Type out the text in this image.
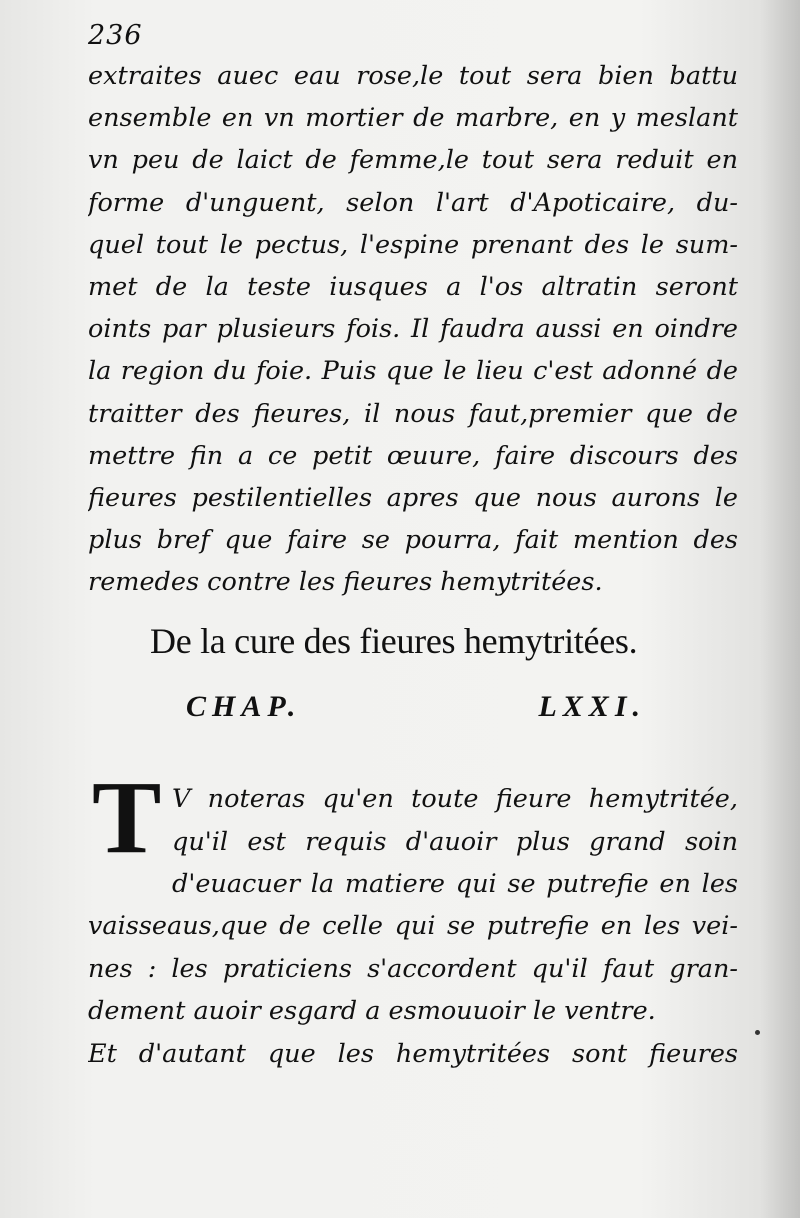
236
extraites auec eau rose,le tout sera bien battu
ensemble en vn mortier de marbre, en y meslant
vn peu de laict de femme,le tout sera reduit en
forme d'unguent, selon l'art d'Apoticaire, du-
quel tout le pectus, l'espine prenant des le sum-
met de la teste iusques a l'os altratin seront
oints par plusieurs fois. Il faudra aussi en oindre
la region du foie. Puis que le lieu c'est adonné de
traitter des fieures, il nous faut,premier que de
mettre fin a ce petit œuure, faire discours des
fieures pestilentielles apres que nous aurons le
plus bref que faire se pourra, fait mention des
remedes contre les fieures hemytritées.
De la cure des fieures hemytritées.
CHAP.	LXXI.
T V noteras qu'en toute fieure hemytritée,
qu'il est requis d'auoir plus grand soin
d'euacuer la matiere qui se putrefie en les
vaisseaus,que de celle qui se putrefie en les vei-
nes : les praticiens s'accordent qu'il faut gran-
dement auoir esgard a esmouuoir le ventre.
Et d'autant que les hemytritées sont fieures
